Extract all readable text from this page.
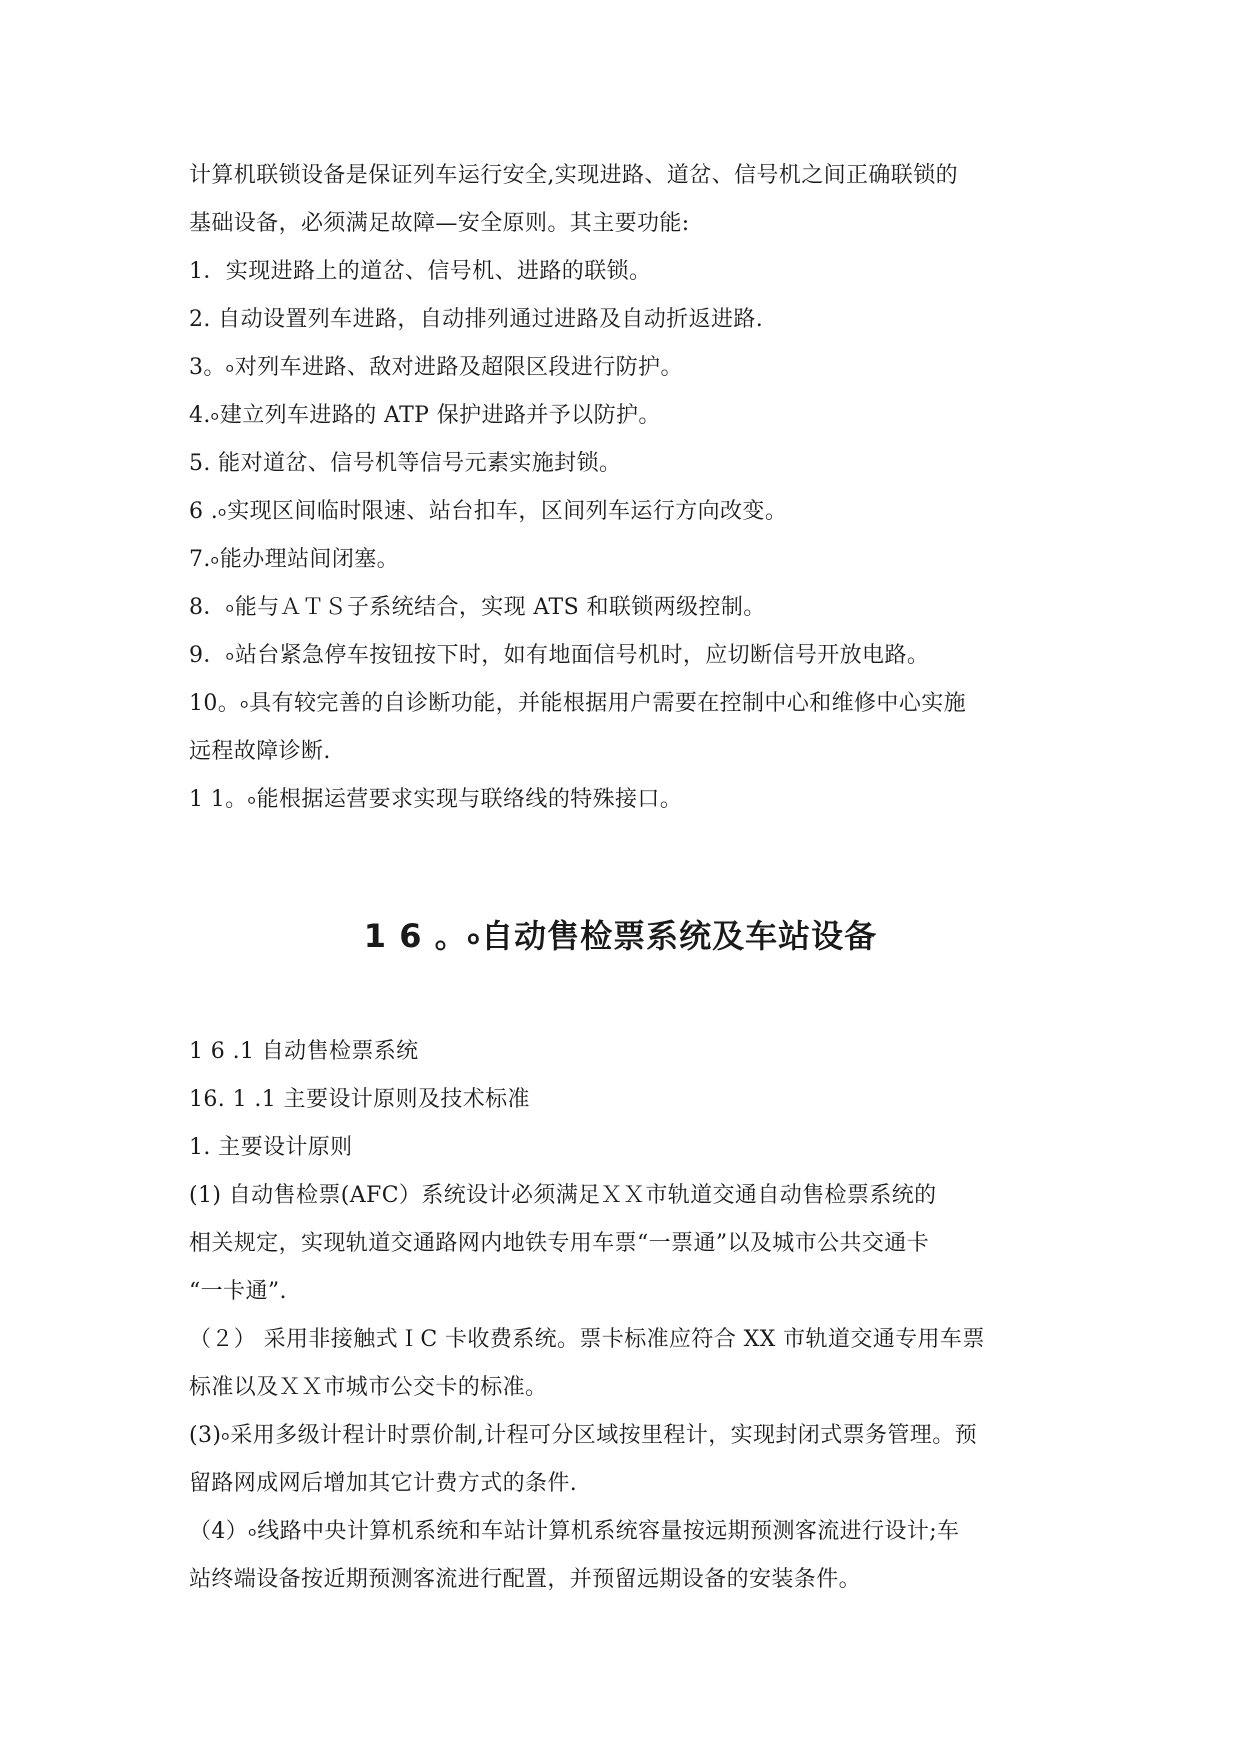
计算机联锁设备是保证列车运行安全,实现进路、道岔、信号机之间正确联锁的
基础设备，必须满足故障—安全原则。其主要功能:
1．实现进路上的道岔、信号机、进路的联锁。
2. 自动设置列车进路，自动排列通过进路及自动折返进路.
3。৹对列车进路、敌对进路及超限区段进行防护。
4.৹建立列车进路的 ATP 保护进路并予以防护。
5. 能对道岔、信号机等信号元素实施封锁。
6 .৹实现区间临时限速、站台扣车，区间列车运行方向改变。
7.৹能办理站间闭塞。
8．৹能与ＡＴＳ子系统结合，实现 ATS 和联锁两级控制。
9．৹站台紧急停车按钮按下时，如有地面信号机时，应切断信号开放电路。
10。৹具有较完善的自诊断功能，并能根据用户需要在控制中心和维修中心实施
远程故障诊断.
1 1。৹能根据运营要求实现与联络线的特殊接口。
1 6 。৹自动售检票系统及车站设备
1 6 .1 自动售检票系统
16. 1 .1 主要设计原则及技术标准
1. 主要设计原则
(1) 自动售检票(AFC）系统设计必须满足ＸＸ市轨道交通自动售检票系统的
相关规定，实现轨道交通路网内地铁专用车票“一票通”以及城市公共交通卡
“一卡通”.
（２） 采用非接触式ＩC 卡收费系统。票卡标准应符合 XX 市轨道交通专用车票
标准以及ＸＸ市城市公交卡的标准。
(3)৹采用多级计程计时票价制,计程可分区域按里程计，实现封闭式票务管理。预
留路网成网后增加其它计费方式的条件.
（4）৹线路中央计算机系统和车站计算机系统容量按远期预测客流进行设计;车
站终端设备按近期预测客流进行配置，并预留远期设备的安装条件。
